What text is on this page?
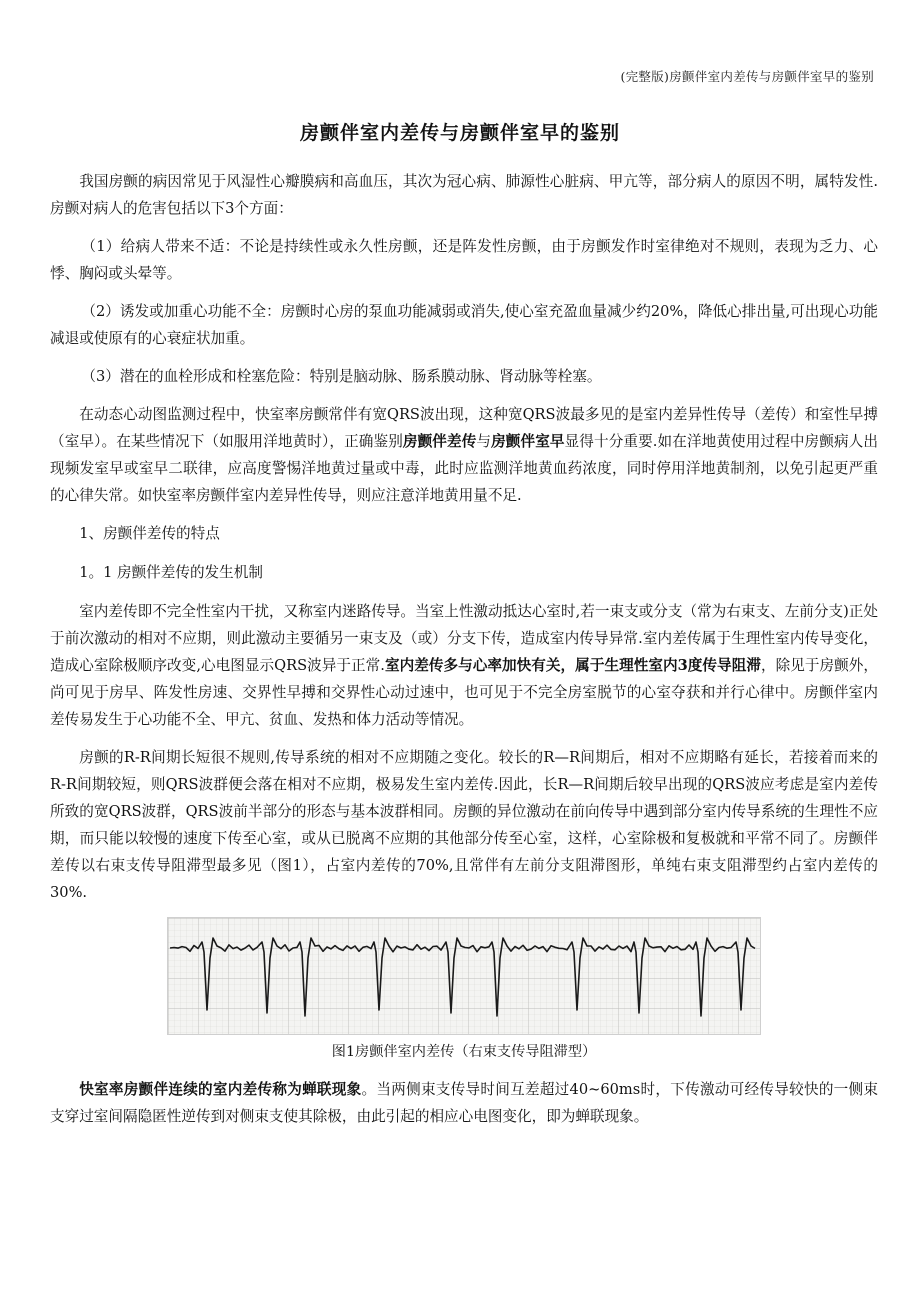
(完整版)房颤伴室内差传与房颤伴室早的鉴别
房颤伴室内差传与房颤伴室早的鉴别

我国房颤的病因常见于风湿性心瓣膜病和高血压，其次为冠心病、肺源性心脏病、甲亢等，部分病人的原因不明，属特发性.房颤对病人的危害包括以下3个方面：

（1）给病人带来不适：不论是持续性或永久性房颤，还是阵发性房颤，由于房颤发作时室律绝对不规则，表现为乏力、心悸、胸闷或头晕等。

（2）诱发或加重心功能不全：房颤时心房的泵血功能减弱或消失,使心室充盈血量减少约20%，降低心排出量,可出现心功能减退或使原有的心衰症状加重。

（3）潜在的血栓形成和栓塞危险：特别是脑动脉、肠系膜动脉、肾动脉等栓塞。

在动态心动图监测过程中，快室率房颤常伴有宽QRS波出现，这种宽QRS波最多见的是室内差异性传导（差传）和室性早搏（室早）。在某些情况下（如服用洋地黄时），正确鉴别房颤伴差传与房颤伴室早显得十分重要.如在洋地黄使用过程中房颤病人出现频发室早或室早二联律，应高度警惕洋地黄过量或中毒，此时应监测洋地黄血药浓度，同时停用洋地黄制剂，以免引起更严重的心律失常。如快室率房颤伴室内差异性传导，则应注意洋地黄用量不足.

1、房颤伴差传的特点

1。1 房颤伴差传的发生机制

室内差传即不完全性室内干扰，又称室内迷路传导。当室上性激动抵达心室时,若一束支或分支（常为右束支、左前分支)正处于前次激动的相对不应期，则此激动主要循另一束支及（或）分支下传，造成室内传导异常.室内差传属于生理性室内传导变化，造成心室除极顺序改变,心电图显示QRS波异于正常.室内差传多与心率加快有关，属于生理性室内3度传导阻滞，除见于房颤外，尚可见于房早、阵发性房速、交界性早搏和交界性心动过速中，也可见于不完全房室脱节的心室夺获和并行心律中。房颤伴室内差传易发生于心功能不全、甲亢、贫血、发热和体力活动等情况。

房颤的R-R间期长短很不规则,传导系统的相对不应期随之变化。较长的R—R间期后，相对不应期略有延长，若接着而来的R-R间期较短，则QRS波群便会落在相对不应期，极易发生室内差传.因此，长R—R间期后较早出现的QRS波应考虑是室内差传所致的宽QRS波群，QRS波前半部分的形态与基本波群相同。房颤的异位激动在前向传导中遇到部分室内传导系统的生理性不应期，而只能以较慢的速度下传至心室，或从已脱离不应期的其他部分传至心室，这样，心室除极和复极就和平常不同了。房颤伴差传以右束支传导阻滞型最多见（图1），占室内差传的70%,且常伴有左前分支阻滞图形，单纯右束支阻滞型约占室内差传的30%.

图1房颤伴室内差传（右束支传导阻滞型）

快室率房颤伴连续的室内差传称为蝉联现象。当两侧束支传导时间互差超过40~60ms时，下传激动可经传导较快的一侧束支穿过室间隔隐匿性逆传到对侧束支使其除极，由此引起的相应心电图变化，即为蝉联现象。
